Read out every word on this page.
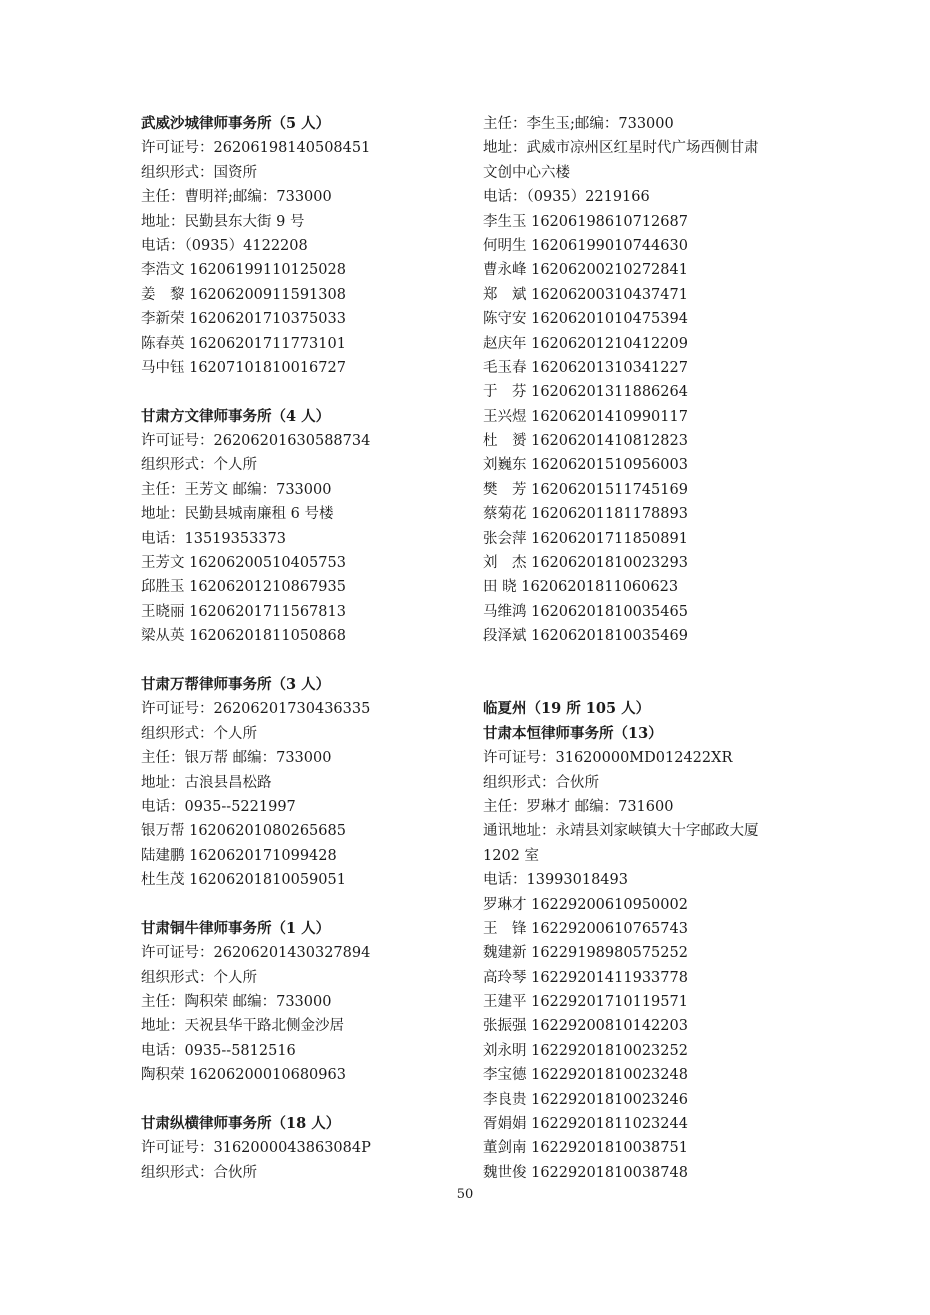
武威沙城律师事务所（5 人）
许可证号：26206198140508451
组织形式：国资所
主任：曹明祥;邮编：733000
地址：民勤县东大街 9 号
电话：（0935）4122208
李浩文 16206199110125028
姜　黎 16206200911591308
李新荣 16206201710375033
陈春英 16206201711773101
马中钰 16207101810016727
甘肃方文律师事务所（4 人）
许可证号：26206201630588734
组织形式：个人所
主任：王芳文 邮编：733000
地址：民勤县城南廉租 6 号楼
电话：13519353373
王芳文 16206200510405753
邱胜玉 16206201210867935
王晓丽 16206201711567813
梁从英 16206201811050868
甘肃万帮律师事务所（3 人）
许可证号：26206201730436335
组织形式：个人所
主任：银万帮 邮编：733000
地址：古浪县昌松路
电话：0935--5221997
银万帮 16206201080265685
陆建鹏 1620620171099428
杜生茂 16206201810059051
甘肃铜牛律师事务所（1 人）
许可证号：26206201430327894
组织形式：个人所
主任：陶积荣 邮编：733000
地址：天祝县华干路北侧金沙居
电话：0935--5812516
陶积荣 16206200010680963
甘肃纵横律师事务所（18 人）
许可证号：3162000043863084P
组织形式：合伙所
主任：李生玉;邮编：733000
地址：武威市凉州区红星时代广场西侧甘肃
文创中心六楼
电话：（0935）2219166
李生玉 16206198610712687
何明生 16206199010744630
曹永峰 16206200210272841
郑　斌 16206200310437471
陈守安 16206201010475394
赵庆年 16206201210412209
毛玉春 16206201310341227
于　芬 16206201311886264
王兴煜 16206201410990117
杜　赟 16206201410812823
刘巍东 16206201510956003
樊　芳 16206201511745169
蔡菊花 16206201181178893
张会萍 16206201711850891
刘　杰 16206201810023293
田 晓 16206201811060623
马维鸿 16206201810035465
段泽斌 16206201810035469
临夏州（19 所 105 人）
甘肃本恒律师事务所（13）
许可证号：31620000MD012422XR
组织形式：合伙所
主任：罗琳才 邮编：731600
通讯地址：永靖县刘家峡镇大十字邮政大厦
1202 室
电话：13993018493
罗琳才 16229200610950002
王　锋 16229200610765743
魏建新 16229198980575252
高玲琴 16229201411933778
王建平 16229201710119571
张振强 16229200810142203
刘永明 16229201810023252
李宝德 16229201810023248
李良贵 16229201810023246
胥娟娟 16229201811023244
董剑南 16229201810038751
魏世俊 16229201810038748
50
